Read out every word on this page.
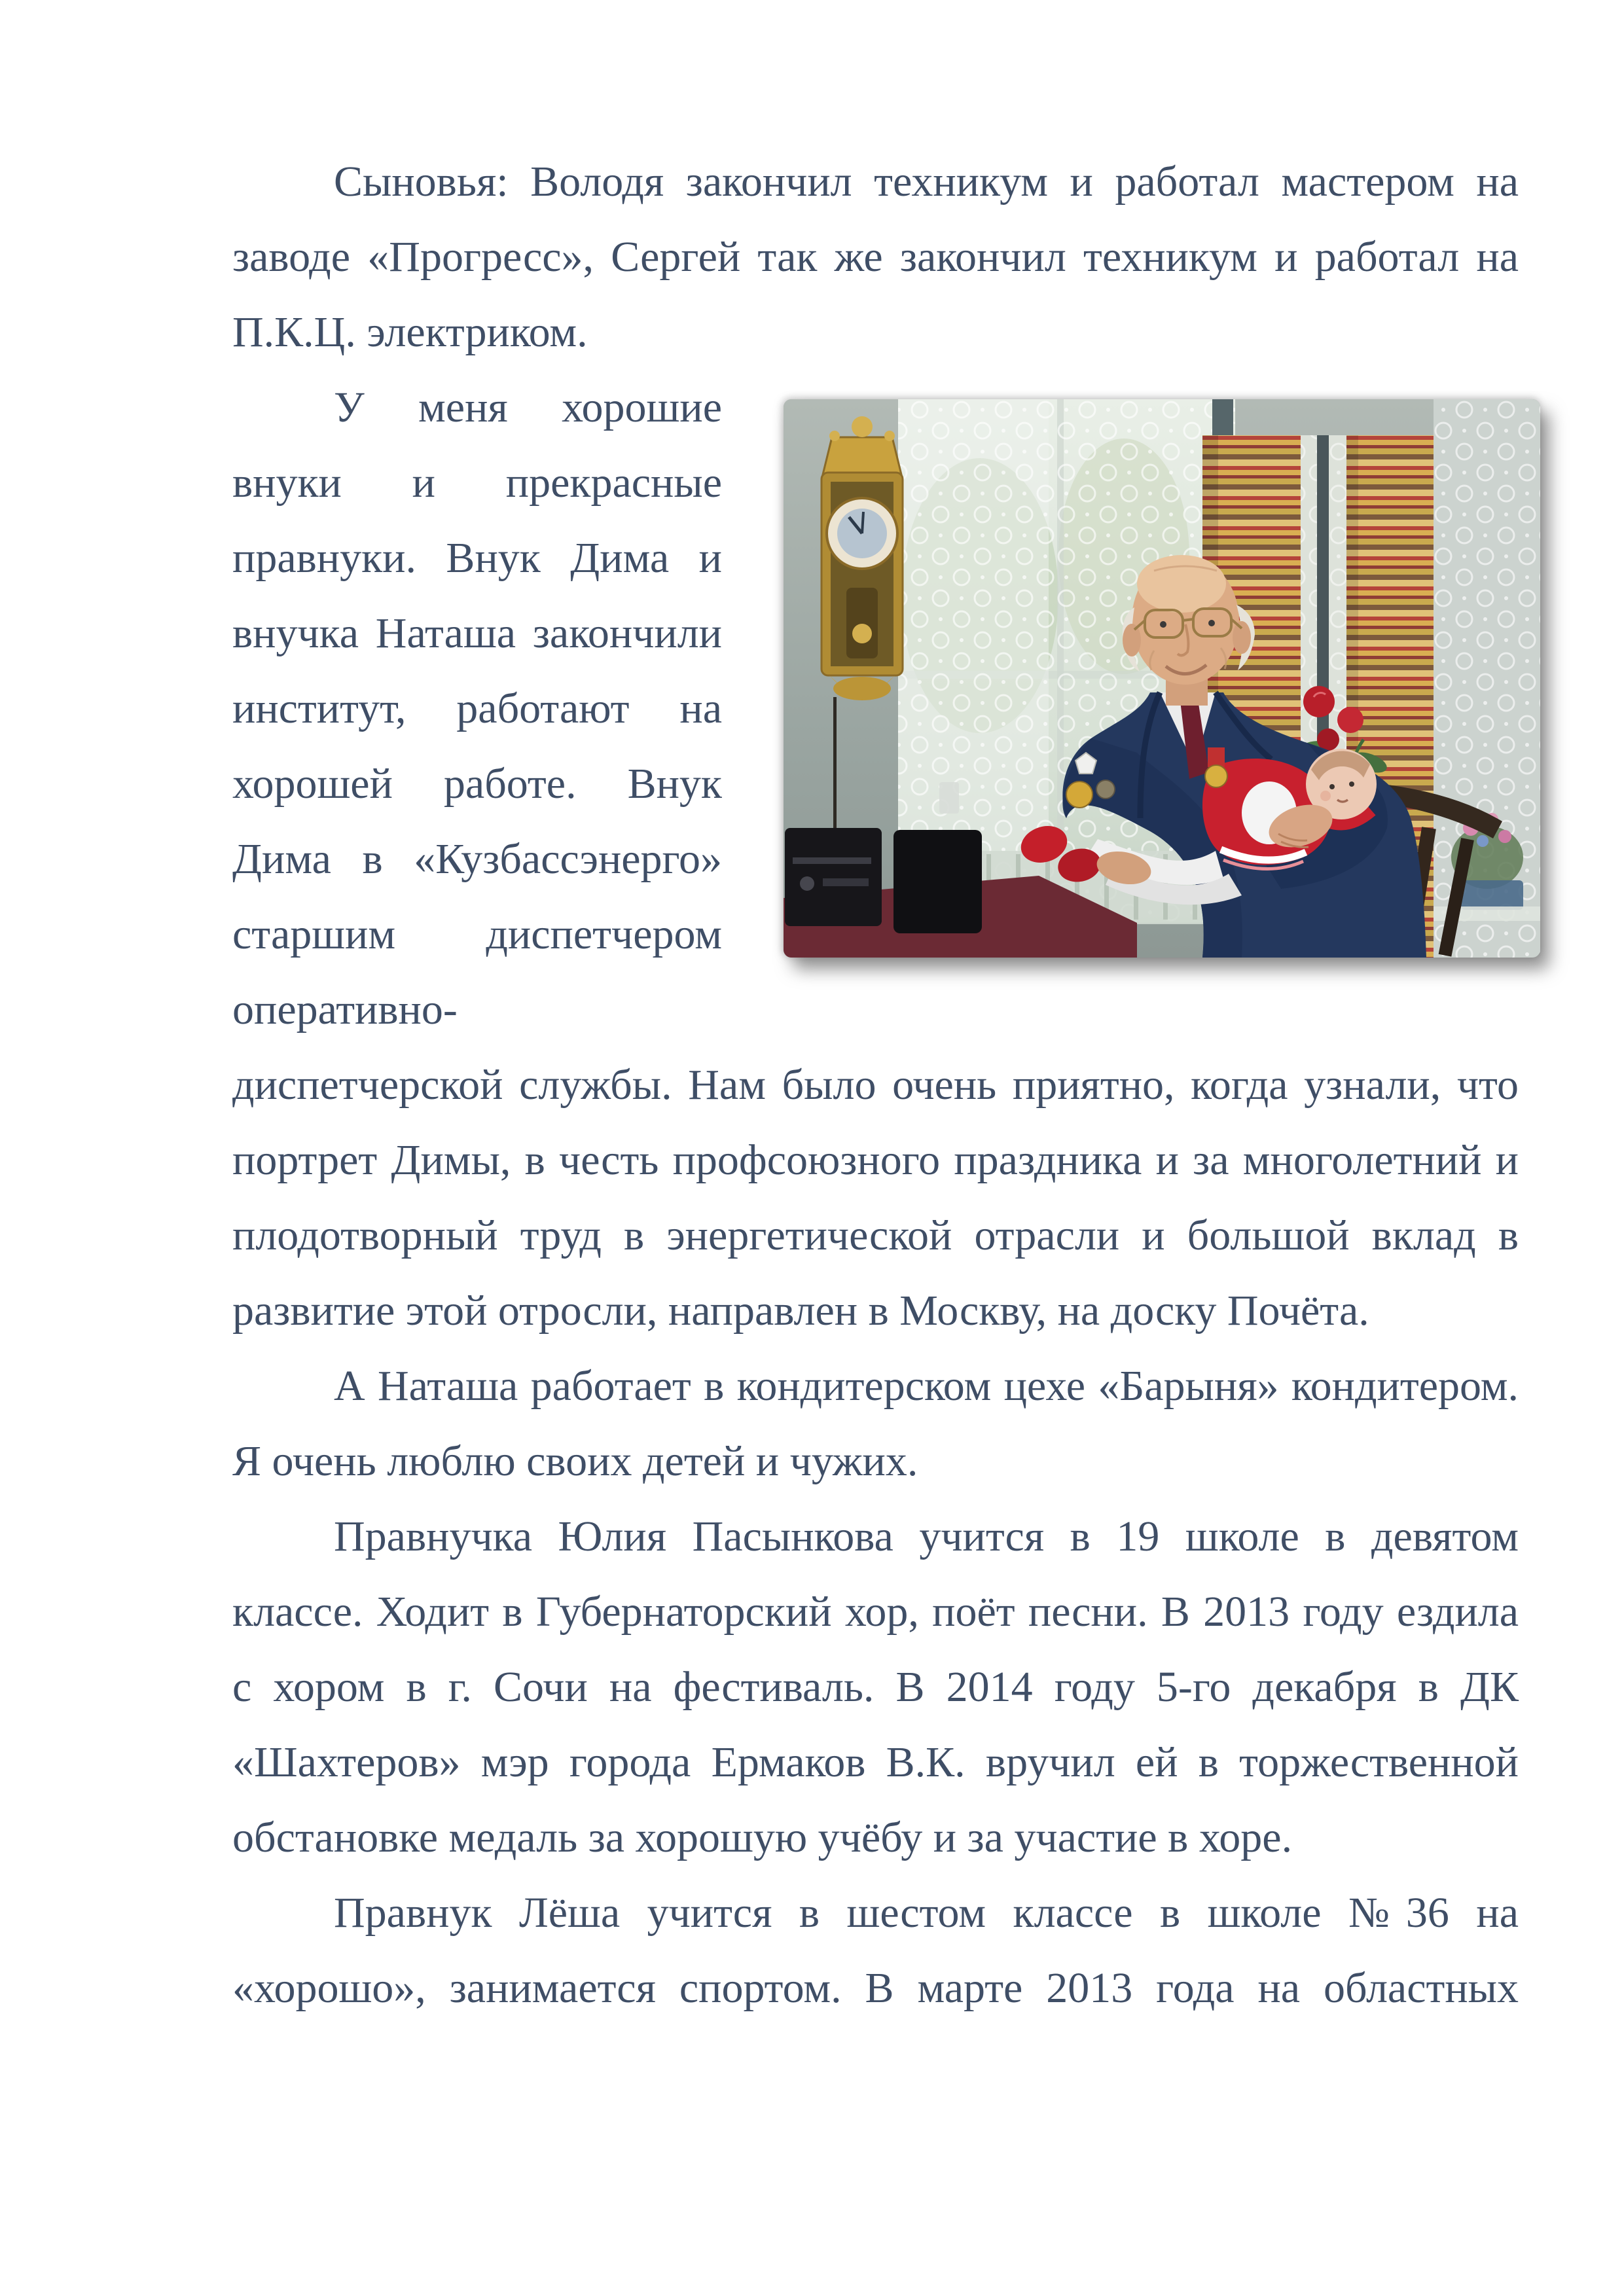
Сыновья: Володя закончил техникум и работал мастером на заводе «Прогресс», Сергей так же закончил техникум и работал на П.К.Ц. электриком.

У меня хорошие внуки и прекрасные правнуки. Внук Дима и внучка Наташа закончили институт, работают на хорошей работе. Внук Дима в «Кузбассэнерго» старшим диспетчером оперативно-диспетчерской службы. Нам было очень приятно, когда узнали, что портрет Димы, в честь профсоюзного праздника и за многолетний и плодотворный труд в энергетической отрасли и большой вклад в развитие этой отросли, направлен в Москву, на доску Почёта.

А Наташа работает в кондитерском цехе «Барыня» кондитером. Я очень люблю своих детей и чужих.

Правнучка Юлия Пасынкова учится в 19 школе в девятом классе. Ходит в Губернаторский хор, поёт песни. В 2013 году ездила с хором в г. Сочи на фестиваль. В 2014 году 5-го декабря в ДК «Шахтеров» мэр города Ермаков В.К. вручил ей в торжественной обстановке медаль за хорошую учёбу и за участие в хоре.

Правнук Лёша учится в шестом классе в школе №36 на «хорошо», занимается спортом. В марте 2013 года на областных
